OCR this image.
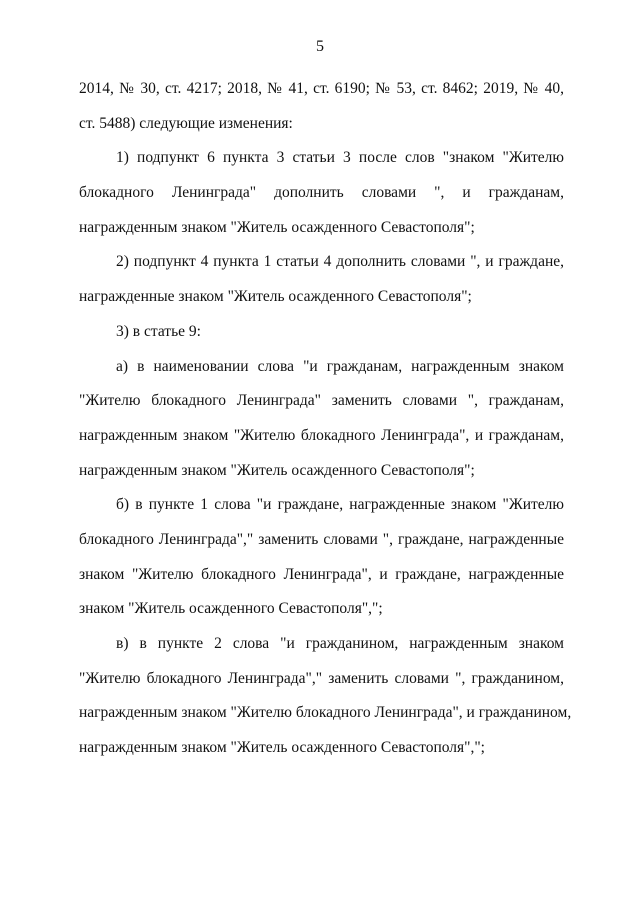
5
2014, № 30, ст. 4217; 2018, № 41, ст. 6190; № 53, ст. 8462; 2019, № 40,
ст. 5488) следующие изменения:
1) подпункт 6 пункта 3 статьи 3 после слов "знаком "Жителю
блокадного Ленинграда" дополнить словами ", и гражданам,
награжденным знаком "Житель осажденного Севастополя";
2) подпункт 4 пункта 1 статьи 4 дополнить словами ", и граждане,
награжденные знаком "Житель осажденного Севастополя";
3) в статье 9:
а) в наименовании слова "и гражданам, награжденным знаком
"Жителю блокадного Ленинграда" заменить словами ", гражданам,
награжденным знаком "Жителю блокадного Ленинграда", и гражданам,
награжденным знаком "Житель осажденного Севастополя";
б) в пункте 1 слова "и граждане, награжденные знаком "Жителю
блокадного Ленинграда"," заменить словами ", граждане, награжденные
знаком "Жителю блокадного Ленинграда", и граждане, награжденные
знаком "Житель осажденного Севастополя",";
в) в пункте 2 слова "и гражданином, награжденным знаком
"Жителю блокадного Ленинграда"," заменить словами ", гражданином,
награжденным знаком "Жителю блокадного Ленинграда", и гражданином,
награжденным знаком "Житель осажденного Севастополя",";
